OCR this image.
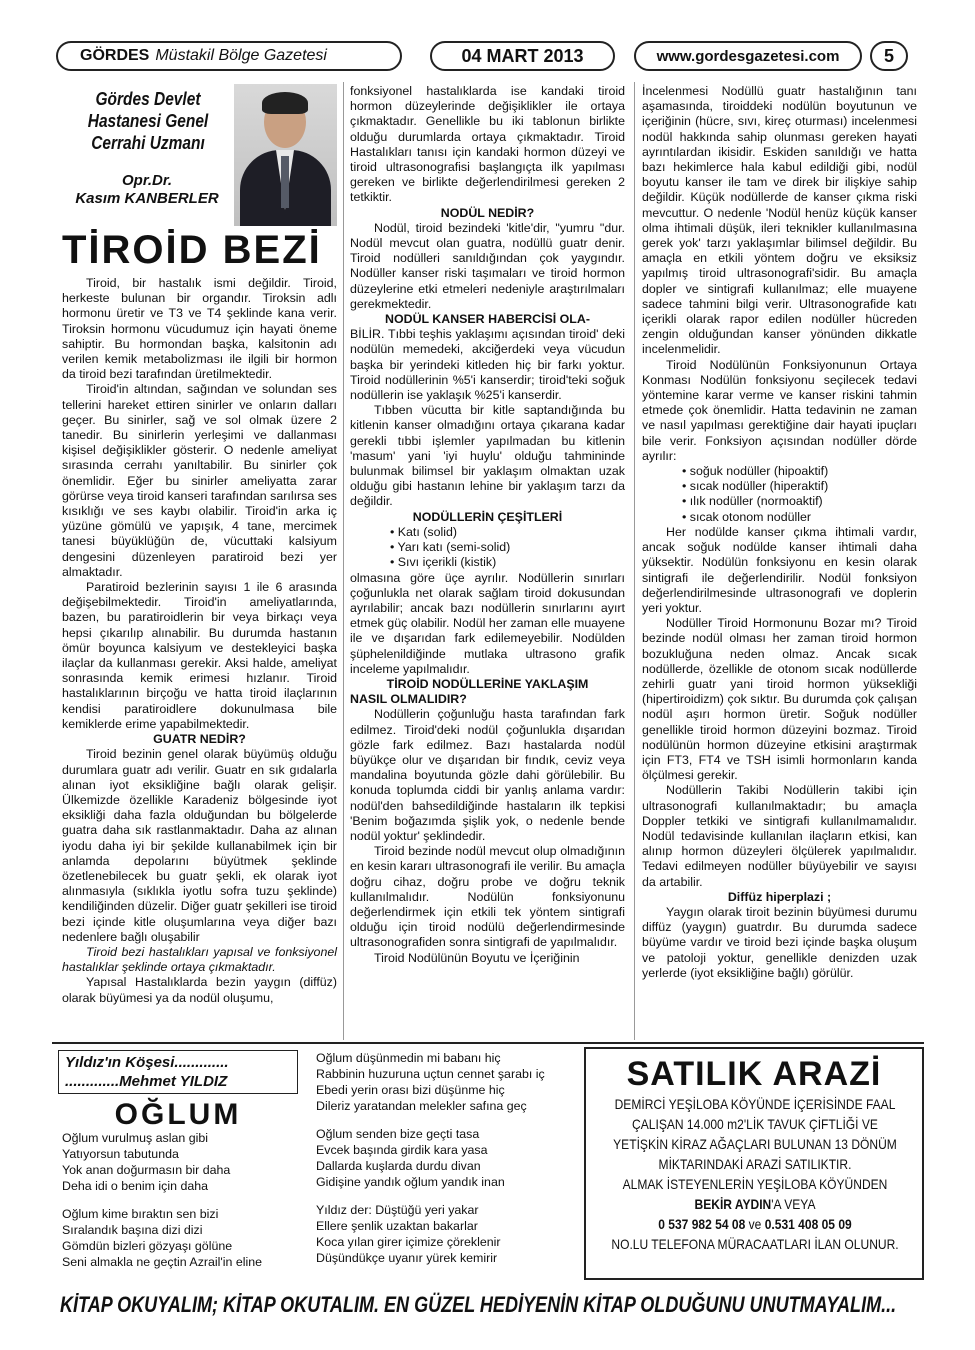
GÖRDES Müstakil Bölge Gazetesi	04 MART 2013	www.gordesgazetesi.com	5
Gördes Devlet Hastanesi Genel Cerrahi Uzmanı
Opr.Dr.
Kasım KANBERLER
TİROİD BEZİ

Tiroid, bir hastalık ismi değildir. Tiroid, herkeste bulunan bir organdır. Tiroksin adlı hormonu üretir ve T3 ve T4 şeklinde kana verir. Tiroksin hormonu vücudumuz için hayati öneme sahiptir. Bu hormondan başka, kalsitonin adı verilen kemik metabolizması ile ilgili bir hormon da tiroid bezi tarafından üretilmektedir.

Tiroid'in altından, sağından ve solundan ses tellerini hareket ettiren sinirler ve onların dalları geçer. Bu sinirler, sağ ve sol olmak üzere 2 tanedir. Bu sinirlerin yerleşimi ve dallanması kişisel değişiklikler gösterir. O nedenle ameliyat sırasında cerrahı yanıltabilir. Bu sinirler çok önemlidir. Eğer bu sinirler ameliyatta zarar görürse veya tiroid kanseri tarafından sarılırsa ses kısıklığı ve ses kaybı olabilir. Tiroid'in arka iç yüzüne gömülü ve yapışık, 4 tane, mercimek tanesi büyüklüğün de, vücuttaki kalsiyum dengesini düzenleyen paratiroid bezi yer almaktadır.

Paratiroid bezlerinin sayısı 1 ile 6 arasında değişebilmektedir. Tiroid'in ameliyatlarında, bazen, bu paratiroidlerin bir veya birkaçı veya hepsi çıkarılıp alınabilir. Bu durumda hastanın ömür boyunca kalsiyum ve destekleyici başka ilaçlar da kullanması gerekir. Aksi halde, ameliyat sonrasında kemik erimesi hızlanır. Tiroid hastalıklarının birçoğu ve hatta tiroid ilaçlarının kendisi paratiroidlere dokunulmasa bile kemiklerde erime yapabilmektedir.

GUATR NEDİR?

Tiroid bezinin genel olarak büyümüş olduğu durumlara guatr adı verilir. Guatr en sık gıdalarla alınan iyot eksikliğine bağlı olarak gelişir. Ülkemizde özellikle Karadeniz bölgesinde iyot eksikliği daha fazla olduğundan bu bölgelerde guatra daha sık rastlanmaktadır. Daha az alınan iyodu daha iyi bir şekilde kullanabilmek için bir anlamda depolarını büyütmek şeklinde özetlenebilecek bu guatr şekli, ek olarak iyot alınmasıyla (sıklıkla iyotlu sofra tuzu şeklinde) kendiliğinden düzelir. Diğer guatr şekilleri ise tiroid bezi içinde kitle oluşumlarına veya diğer bazı nedenlere bağlı oluşabilir

Tiroid bezi hastalıkları yapısal ve fonksiyonel hastalıklar şeklinde ortaya çıkmaktadır.

Yapısal Hastalıklarda bezin yaygın (diffüz) olarak büyümesi ya da nodül oluşumu,

fonksiyonel hastalıklarda ise kandaki tiroid hormon düzeylerinde değişiklikler ile ortaya çıkmaktadır. Genellikle bu iki tablonun birlikte olduğu durumlarda ortaya çıkmaktadır. Tiroid Hastalıkları tanısı için kandaki hormon düzeyi ve tiroid ultrasonografisi başlangıçta ilk yapılması gereken ve birlikte değerlendirilmesi gereken 2 tetkiktir.

NODÜL NEDİR?

Nodül, tiroid bezindeki 'kitle'dir, "yumru "dur. Nodül mevcut olan guatra, nodüllü guatr denir. Tiroid nodülleri sanıldığından çok yaygındır. Nodüller kanser riski taşımaları ve tiroid hormon düzeylerine etki etmeleri nedeniyle araştırılmaları gerekmektedir.

NODÜL KANSER HABERCİSİ OLA-

BİLİR. Tıbbi teşhis yaklaşımı açısından tiroid' deki nodülün memedeki, akciğerdeki veya vücudun başka bir yerindeki kitleden hiç bir farkı yoktur. Tiroid nodüllerinin %5'i kanserdir; tiroid'teki soğuk nodüllerin ise yaklaşık %25'i kanserdir.

Tıbben vücutta bir kitle saptandığında bu kitlenin kanser olmadığını ortaya çıkarana kadar gerekli tıbbi işlemler yapılmadan bu kitlenin 'masum' yani 'iyi huylu' olduğu tahmininde bulunmak bilimsel bir yaklaşım olmaktan uzak olduğu gibi hastanın lehine bir yaklaşım tarzı da değildir.

NODÜLLERİN ÇEŞİTLERİ

• Katı (solid)

• Yarı katı (semi-solid)

• Sıvı içerikli (kistik)

olmasına göre üçe ayrılır. Nodüllerin sınırları çoğunlukla net olarak sağlam tiroid dokusundan ayrılabilir; ancak bazı nodüllerin sınırlarını ayırt etmek güç olabilir. Nodül her zaman elle muayene ile ve dışarıdan fark edilemeyebilir. Nodülden şüphelenildiğinde mutlaka ultrasono grafik inceleme yapılmalıdır.

TİROİD NODÜLLERİNE YAKLAŞIM

NASIL OLMALIDIR?

Nodüllerin çoğunluğu hasta tarafından fark edilmez. Tiroid'deki nodül çoğunlukla dışarıdan gözle fark edilmez. Bazı hastalarda nodül büyükçe olur ve dışarıdan bir fındık, ceviz veya mandalina boyutunda gözle dahi görülebilir. Bu konuda toplumda ciddi bir yanlış anlama vardır: nodül'den bahsedildiğinde hastaların ilk tepkisi 'Benim boğazımda şişlik yok, o nedenle bende nodül yoktur' şeklindedir.

Tiroid bezinde nodül mevcut olup olmadığının en kesin kararı ultrasonografi ile verilir. Bu amaçla doğru cihaz, doğru probe ve doğru teknik kullanılmalıdır. Nodülün fonksiyonunu değerlendirmek için etkili tek yöntem sintigrafi olduğu için tiroid nodülü değerlendirmesinde ultrasonografiden sonra sintigrafi de yapılmalıdır.

Tiroid Nodülünün Boyutu ve İçeriğinin

İncelenmesi Nodüllü guatr hastalığının tanı aşamasında, tiroiddeki nodülün boyutunun ve içeriğinin (hücre, sıvı, kireç oturması) incelenmesi nodül hakkında sahip olunması gereken hayati ayrıntılardan ikisidir. Eskiden sanıldığı ve hatta bazı hekimlerce hala kabul edildiği gibi, nodül boyutu kanser ile tam ve direk bir ilişkiye sahip değildir. Küçük nodüllerde de kanser çıkma riski mevcuttur. O nedenle 'Nodül henüz küçük kanser olma ihtimali düşük, ileri teknikler kullanılmasına gerek yok' tarzı yaklaşımlar bilimsel değildir. Bu amaçla en etkili yöntem doğru ve eksiksiz yapılmış tiroid ultrasonografi'sidir. Bu amaçla dopler ve sintigrafi kullanılmaz; elle muayene sadece tahmini bilgi verir. Ultrasonografide katı içerikli olarak rapor edilen nodüller hücreden zengin olduğundan kanser yönünden dikkatle incelenmelidir.

Tiroid Nodülünün Fonksiyonunun Ortaya Konması Nodülün fonksiyonu seçilecek tedavi yöntemine karar verme ve kanser riskini tahmin etmede çok önemlidir. Hatta tedavinin ne zaman ve nasıl yapılması gerektiğine dair hayati ipuçları bile verir. Fonksiyon açısından nodüller dörde ayrılır:

• soğuk nodüller (hipoaktif)

• sıcak nodüller (hiperaktif)

• ılık nodüller (normoaktif)

• sıcak otonom nodüller

Her nodülde kanser çıkma ihtimali vardır, ancak soğuk nodülde kanser ihtimali daha yüksektir. Nodülün fonksiyonu en kesin olarak sintigrafi ile değerlendirilir. Nodül fonksiyon değerlendirilmesinde ultrasonografi ve doplerin yeri yoktur.

Nodüller Tiroid Hormonunu Bozar mı? Tiroid bezinde nodül olması her zaman tiroid hormon bozukluğuna neden olmaz. Ancak sıcak nodüllerde, özellikle de otonom sıcak nodüllerde zehirli guatr yani tiroid hormon yüksekliği (hipertiroidizm) çok sıktır. Bu durumda çok çalışan nodül aşırı hormon üretir. Soğuk nodüller genellikle tiroid hormon düzeyini bozmaz. Tiroid nodülünün hormon düzeyine etkisini araştırmak için FT3, FT4 ve TSH isimli hormonların kanda ölçülmesi gerekir.

Nodüllerin Takibi Nodüllerin takibi için ultrasonografi kullanılmaktadır; bu amaçla Doppler tetkiki ve sintigrafi kullanılmamalıdır. Nodül tedavisinde kullanılan ilaçların etkisi, kan alınıp hormon düzeyleri ölçülerek yapılmalıdır. Tedavi edilmeyen nodüller büyüyebilir ve sayısı da artabilir.

Diffüz hiperplazi ;

Yaygın olarak tiroit bezinin büyümesi durumu diffüz (yaygın) guatrdır. Bu durumda sadece büyüme vardır ve tiroid bezi içinde başka oluşum ve patoloji yoktur, genellikle denizden uzak yerlerde (iyot eksikliğine bağlı) görülür.

Yıldız'ın Köşesi.............
.............Mehmet YILDIZ
OĞLUM
Oğlum vurulmuş aslan gibi
Yatıyorsun tabutunda
Yok anan doğurmasın bir daha
Deha idi o benim için daha
Oğlum kime bıraktın sen bizi
Sıralandık başına dizi dizi
Gömdün bizleri gözyaşı gölüne
Seni almakla ne geçtin Azrail'in eline
Oğlum düşünmedin mi babanı hiç
Rabbinin huzuruna uçtun cennet şarabı iç
Ebedi yerin orası bizi düşünme hiç
Dileriz yaratandan melekler safına geç
Oğlum senden bize geçti tasa
Evcek başında girdik kara yasa
Dallarda kuşlarda durdu divan
Gidişine yandık oğlum yandık inan
Yıldız der: Düştüğü yeri yakar
Ellere şenlik uzaktan bakarlar
Koca yılan girer içimize çöreklenir
Düşündükçe uyanır yürek kemirir
SATILIK ARAZİ
DEMİRCİ YEŞİLOBA KÖYÜNDE İÇERİSİNDE FAAL
ÇALIŞAN 14.000 m2'LİK TAVUK ÇİFTLİĞİ VE
YETİŞKİN KİRAZ AĞAÇLARI BULUNAN 13 DÖNÜM
MİKTARINDAKİ ARAZİ SATILIKTIR.
ALMAK İSTEYENLERİN YEŞİLOBA KÖYÜNDEN
BEKİR AYDIN'A VEYA
0 537 982 54 08 ve 0.531 408 05 09
NO.LU TELEFONA MÜRACAATLARI İLAN OLUNUR.
KİTAP OKUYALIM; KİTAP OKUTALIM. EN GÜZEL HEDİYENİN KİTAP OLDUĞUNU UNUTMAYALIM...
